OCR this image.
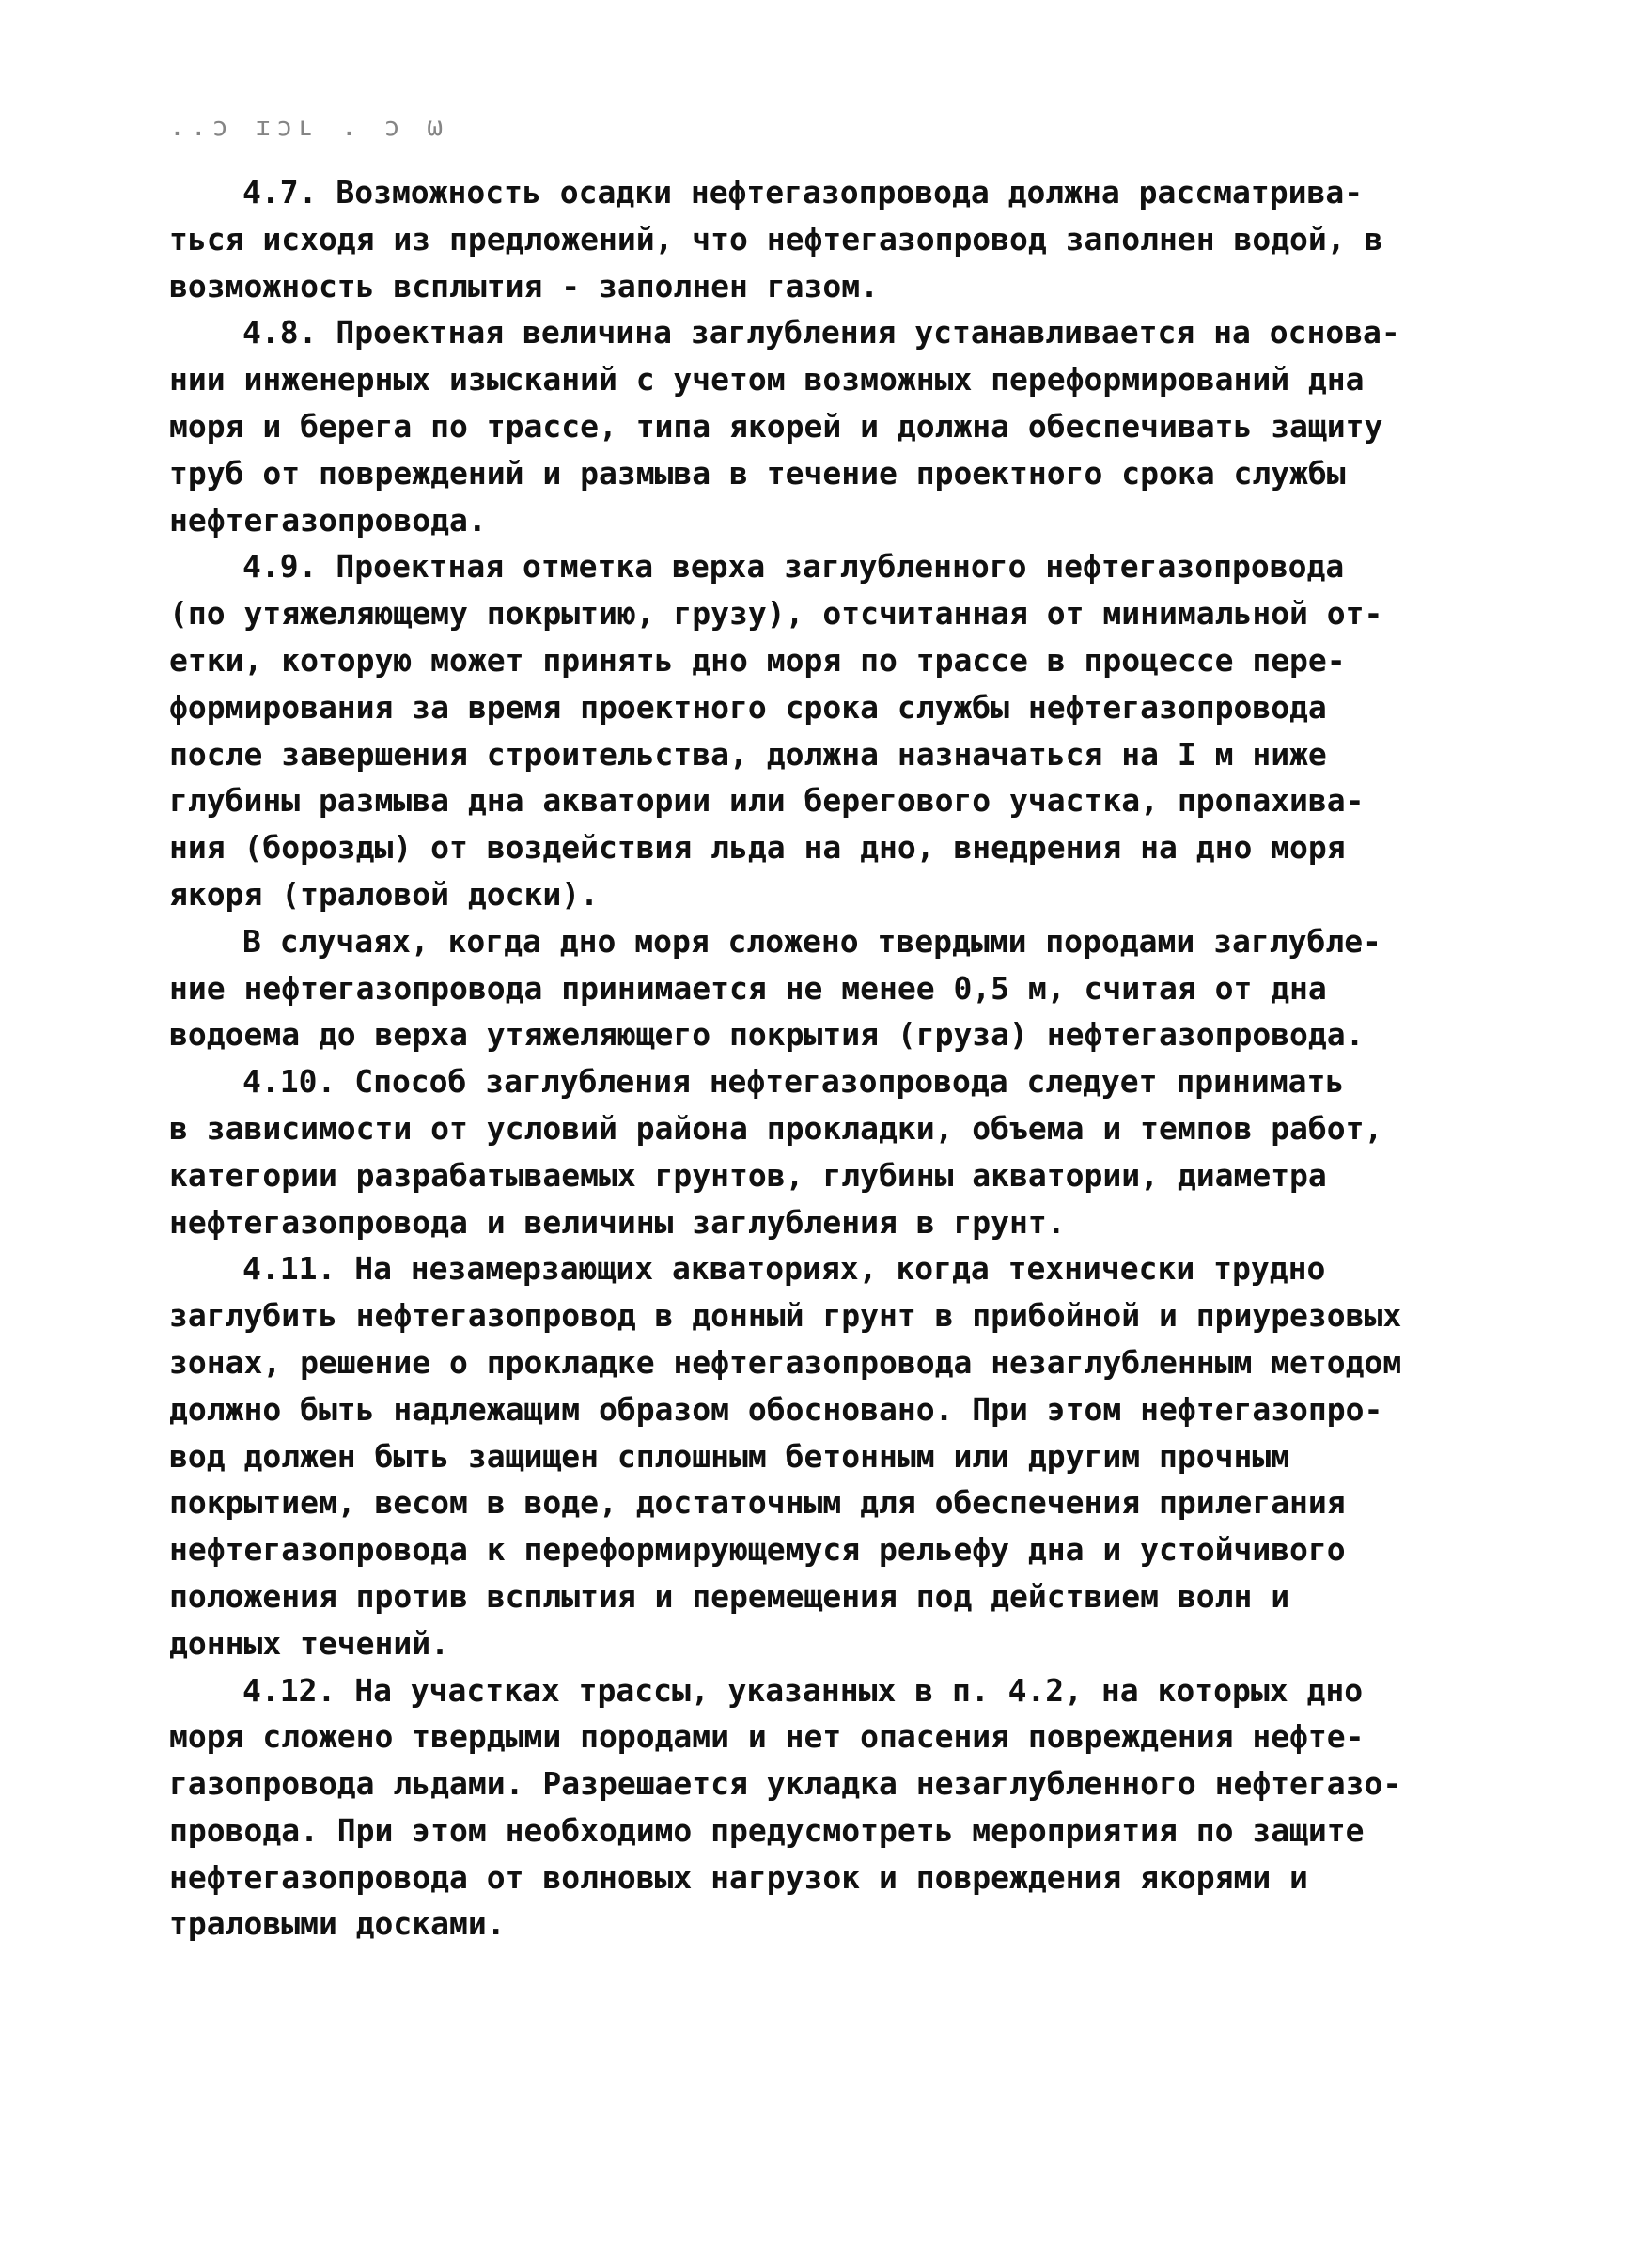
..ɔ ɪɔʟ . ɔ ω
4.7. Возможность осадки нефтегазопровода должна рассматрива-
ться исходя из предложений, что нефтегазопровод заполнен водой, в
возможность всплытия - заполнен газом.
4.8. Проектная величина заглубления устанавливается на основа-
нии инженерных изысканий с учетом возможных переформирований дна
моря и берега по трассе, типа якорей и должна обеспечивать защиту
труб от повреждений и размыва в течение проектного срока службы
нефтегазопровода.
4.9. Проектная отметка верха заглубленного нефтегазопровода
(по утяжеляющему покрытию, грузу), отсчитанная от минимальной от-
етки, которую может принять дно моря по трассе в процессе пере-
формирования за время проектного срока службы нефтегазопровода
после завершения строительства, должна назначаться на I м ниже
глубины размыва дна акватории или берегового участка, пропахива-
ния (борозды) от воздействия льда на дно, внедрения на дно моря
якоря (траловой доски).
В случаях, когда дно моря сложено твердыми породами заглубле-
ние нефтегазопровода принимается не менее 0,5 м, считая от дна
водоема до верха утяжеляющего покрытия (груза) нефтегазопровода.
4.10. Способ заглубления нефтегазопровода следует принимать
в зависимости от условий района прокладки, объема и темпов работ,
категории разрабатываемых грунтов, глубины акватории, диаметра
нефтегазопровода и величины заглубления в грунт.
4.11. На незамерзающих акваториях, когда технически трудно
заглубить нефтегазопровод в донный грунт в прибойной и приурезовых
зонах, решение о прокладке нефтегазопровода незаглубленным методом
должно быть надлежащим образом обосновано. При этом нефтегазопро-
вод должен быть защищен сплошным бетонным или другим прочным
покрытием, весом в воде, достаточным для обеспечения прилегания
нефтегазопровода к переформирующемуся рельефу дна и устойчивого
положения против всплытия и перемещения под действием волн и
донных течений.
4.12. На участках трассы, указанных в п. 4.2, на которых дно
моря сложено твердыми породами и нет опасения повреждения нефте-
газопровода льдами. Разрешается укладка незаглубленного нефтегазо-
провода. При этом необходимо предусмотреть мероприятия по защите
нефтегазопровода от волновых нагрузок и повреждения якорями и
траловыми досками.
